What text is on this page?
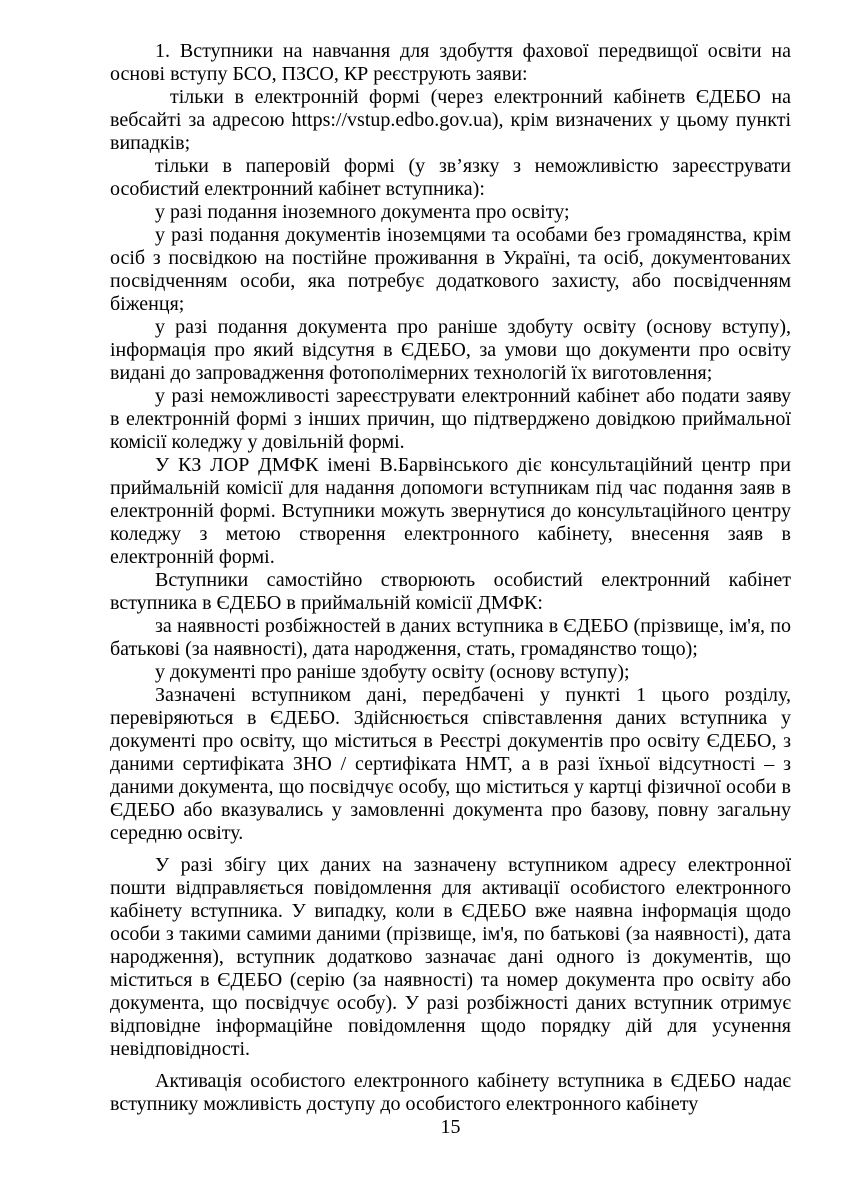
1. Вступники на навчання для здобуття фахової передвищої освіти на основі вступу БСО, ПЗСО, КР реєструють заяви:

тільки в електронній формі (через електронний кабінетв ЄДЕБО на вебсайті за адресою https://vstup.edbo.gov.ua), крім визначених у цьому пункті випадків;

тільки в паперовій формі (у зв’язку з неможливістю зареєструвати особистий електронний кабінет вступника):

у разі подання іноземного документа про освіту;

у разі подання документів іноземцями та особами без громадянства, крім осіб з посвідкою на постійне проживання в Україні, та осіб, документованих посвідченням особи, яка потребує додаткового захисту, або посвідченням біженця;

у разі подання документа про раніше здобуту освіту (основу вступу), інформація про який відсутня в ЄДЕБО, за умови що документи про освіту видані до запровадження фотополімерних технологій їх виготовлення;

у разі неможливості зареєструвати електронний кабінет або подати заяву в електронній формі з інших причин, що підтверджено довідкою приймальної комісії коледжу у довільній формі.

У КЗ ЛОР ДМФК імені В.Барвінського діє консультаційний центр при приймальній комісії для надання допомоги вступникам під час подання заяв в електронній формі. Вступники можуть звернутися до консультаційного центру коледжу з метою створення електронного кабінету, внесення заяв в електронній формі.

Вступники самостійно створюють особистий електронний кабінет вступника в ЄДЕБО в приймальній комісії ДМФК:

за наявності розбіжностей в даних вступника в ЄДЕБО (прізвище, ім'я, по батькові (за наявності), дата народження, стать, громадянство тощо);

у документі про раніше здобуту освіту (основу вступу);

Зазначені вступником дані, передбачені у пункті 1 цього розділу, перевіряються в ЄДЕБО. Здійснюється співставлення даних вступника у документі про освіту, що міститься в Реєстрі документів про освіту ЄДЕБО, з даними сертифіката ЗНО / сертифіката НМТ, а в разі їхньої відсутності – з даними документа, що посвідчує особу, що міститься у картці фізичної особи в ЄДЕБО або вказувались у замовленні документа про базову, повну загальну середню освіту.

У разі збігу цих даних на зазначену вступником адресу електронної пошти відправляється повідомлення для активації особистого електронного кабінету вступника. У випадку, коли в ЄДЕБО вже наявна інформація щодо особи з такими самими даними (прізвище, ім'я, по батькові (за наявності), дата народження), вступник додатково зазначає дані одного із документів, що міститься в ЄДЕБО (серію (за наявності) та номер документа про освіту або документа, що посвідчує особу). У разі розбіжності даних вступник отримує відповідне інформаційне повідомлення щодо порядку дій для усунення невідповідності.

Активація особистого електронного кабінету вступника в ЄДЕБО надає вступнику можливість доступу до особистого електронного кабінету

15
